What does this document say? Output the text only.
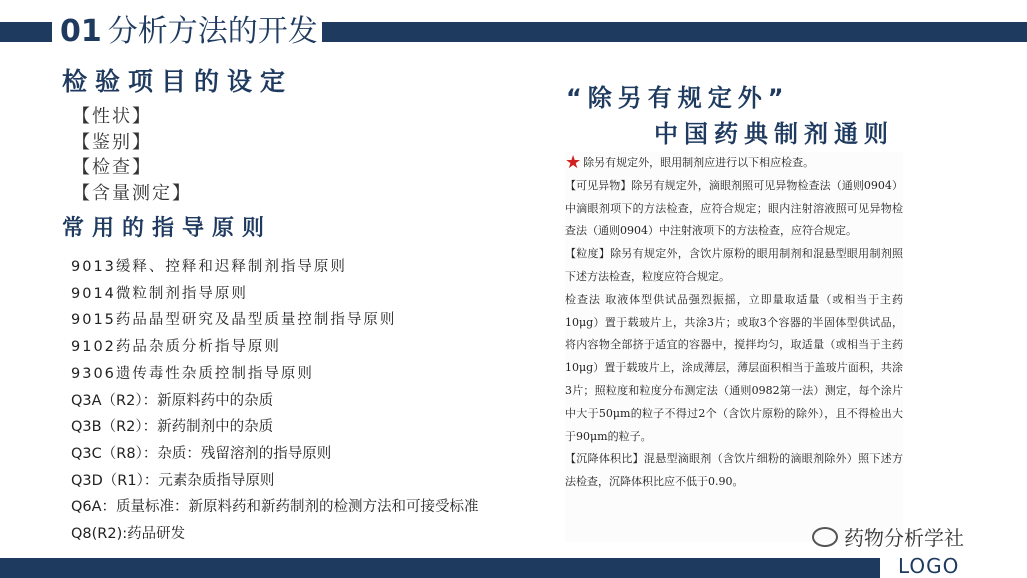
01 分析方法的开发
检验项目的设定
【性状】
【鉴别】
【检查】
【含量测定】
常用的指导原则
9013缓释、控释和迟释制剂指导原则
9014微粒制剂指导原则
9015药品晶型研究及晶型质量控制指导原则
9102药品杂质分析指导原则
9306遗传毒性杂质控制指导原则
Q3A（R2）：新原料药中的杂质
Q3B（R2）：新药制剂中的杂质
Q3C（R8）：杂质：残留溶剂的指导原则
Q3D（R1）：元素杂质指导原则
Q6A：质量标准：新原料药和新药制剂的检测方法和可接受标准
Q8(R2):药品研发
“除另有规定外”
中国药典制剂通则

★ 除另有规定外，眼用制剂应进行以下相应检查。

【可见异物】除另有规定外，滴眼剂照可见异物检查法（通则0904）中滴眼剂项下的方法检查，应符合规定；眼内注射溶液照可见异物检查法（通则0904）中注射液项下的方法检查，应符合规定。

【粒度】除另有规定外，含饮片原粉的眼用制剂和混悬型眼用制剂照下述方法检查，粒度应符合规定。

检查法 取液体型供试品强烈振摇，立即量取适量（或相当于主药10μg）置于载玻片上，共涂3片；或取3个容器的半固体型供试品，将内容物全部挤于适宜的容器中，搅拌均匀，取适量（或相当于主药10μg）置于载玻片上，涂成薄层，薄层面积相当于盖玻片面积，共涂3片；照粒度和粒度分布测定法（通则0982第一法）测定，每个涂片中大于50μm的粒子不得过2个（含饮片原粉的除外），且不得检出大于90μm的粒子。

【沉降体积比】混悬型滴眼剂（含饮片细粉的滴眼剂除外）照下述方法检查，沉降体积比应不低于0.90。

药物分析学社
LOGO
